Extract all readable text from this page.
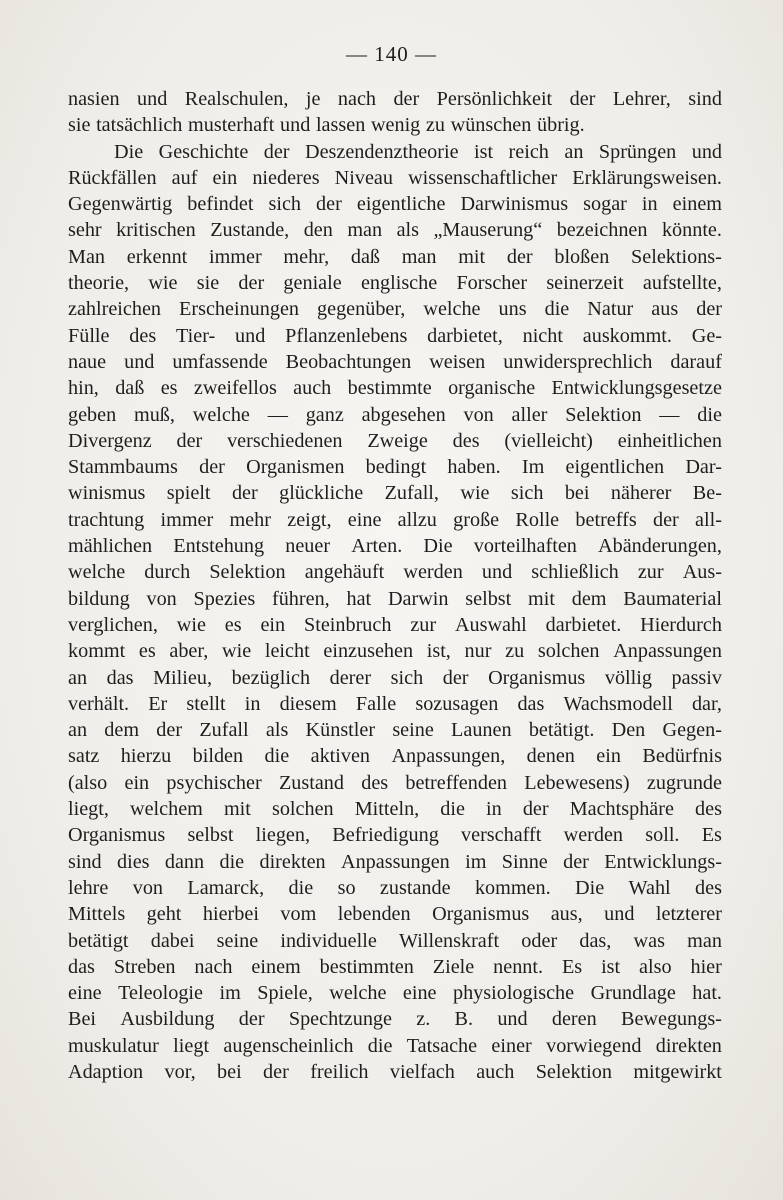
— 140 —
nasien und Realschulen, je nach der Persönlichkeit der Lehrer, sind
sie tatsächlich musterhaft und lassen wenig zu wünschen übrig.
Die Geschichte der Deszendenztheorie ist reich an Sprüngen und
Rückfällen auf ein niederes Niveau wissenschaftlicher Erklärungsweisen.
Gegenwärtig befindet sich der eigentliche Darwinismus sogar in einem
sehr kritischen Zustande, den man als „Mauserung“ bezeichnen könnte.
Man erkennt immer mehr, daß man mit der bloßen Selektions-
theorie, wie sie der geniale englische Forscher seinerzeit aufstellte,
zahlreichen Erscheinungen gegenüber, welche uns die Natur aus der
Fülle des Tier- und Pflanzenlebens darbietet, nicht auskommt. Ge-
naue und umfassende Beobachtungen weisen unwidersprechlich darauf
hin, daß es zweifellos auch bestimmte organische Entwicklungsgesetze
geben muß, welche — ganz abgesehen von aller Selektion — die
Divergenz der verschiedenen Zweige des (vielleicht) einheitlichen
Stammbaums der Organismen bedingt haben. Im eigentlichen Dar-
winismus spielt der glückliche Zufall, wie sich bei näherer Be-
trachtung immer mehr zeigt, eine allzu große Rolle betreffs der all-
mählichen Entstehung neuer Arten. Die vorteilhaften Abänderungen,
welche durch Selektion angehäuft werden und schließlich zur Aus-
bildung von Spezies führen, hat Darwin selbst mit dem Baumaterial
verglichen, wie es ein Steinbruch zur Auswahl darbietet. Hierdurch
kommt es aber, wie leicht einzusehen ist, nur zu solchen Anpassungen
an das Milieu, bezüglich derer sich der Organismus völlig passiv
verhält. Er stellt in diesem Falle sozusagen das Wachsmodell dar,
an dem der Zufall als Künstler seine Launen betätigt. Den Gegen-
satz hierzu bilden die aktiven Anpassungen, denen ein Bedürfnis
(also ein psychischer Zustand des betreffenden Lebewesens) zugrunde
liegt, welchem mit solchen Mitteln, die in der Machtsphäre des
Organismus selbst liegen, Befriedigung verschafft werden soll. Es
sind dies dann die direkten Anpassungen im Sinne der Entwicklungs-
lehre von Lamarck, die so zustande kommen. Die Wahl des
Mittels geht hierbei vom lebenden Organismus aus, und letzterer
betätigt dabei seine individuelle Willenskraft oder das, was man
das Streben nach einem bestimmten Ziele nennt. Es ist also hier
eine Teleologie im Spiele, welche eine physiologische Grundlage hat.
Bei Ausbildung der Spechtzunge z. B. und deren Bewegungs-
muskulatur liegt augenscheinlich die Tatsache einer vorwiegend direkten
Adaption vor, bei der freilich vielfach auch Selektion mitgewirkt
